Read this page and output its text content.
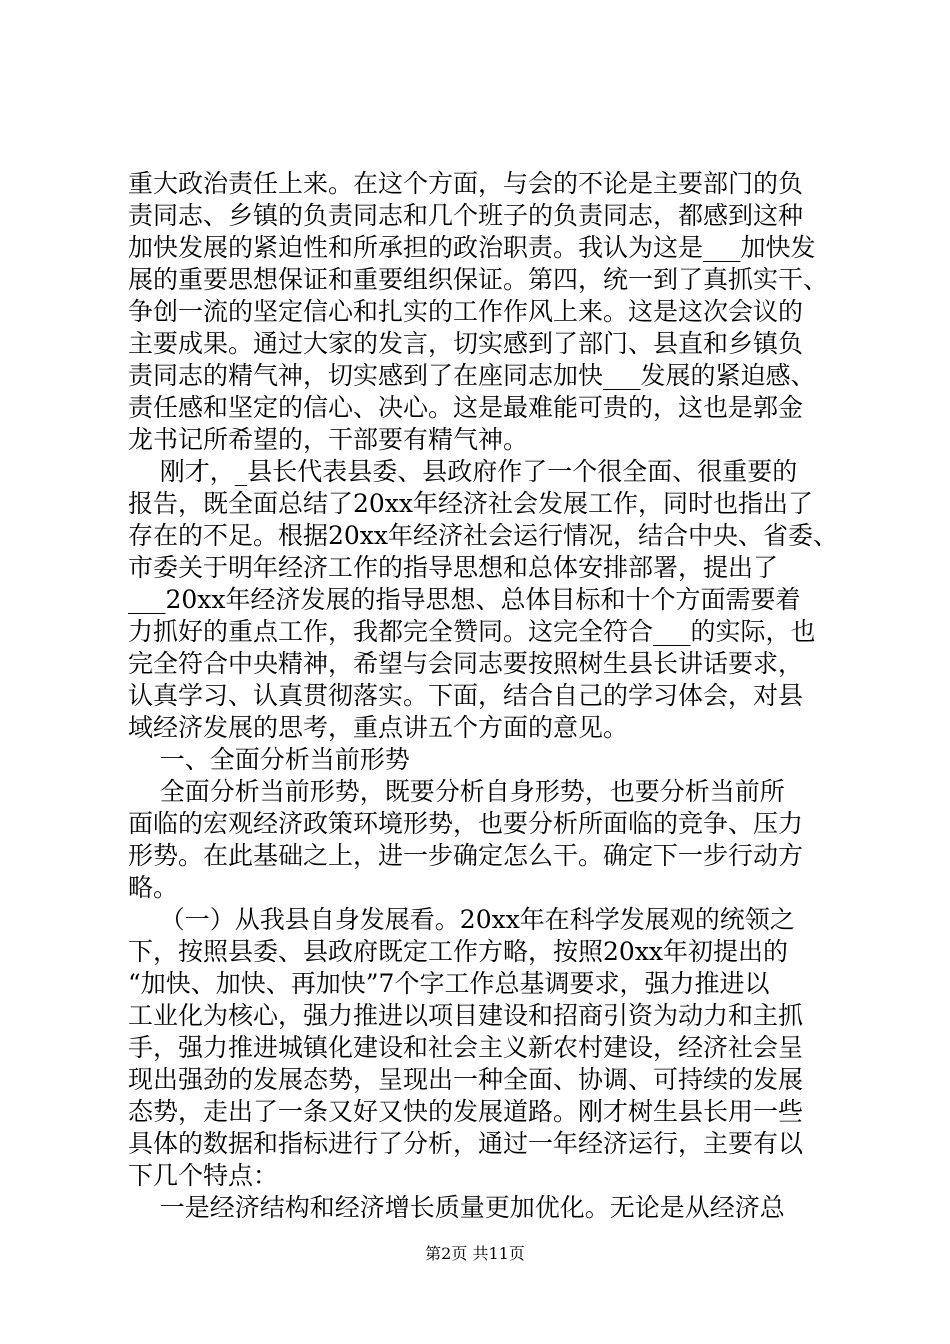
重大政治责任上来。在这个方面，与会的不论是主要部门的负
责同志、乡镇的负责同志和几个班子的负责同志，都感到这种
加快发展的紧迫性和所承担的政治职责。我认为这是___加快发
展的重要思想保证和重要组织保证。第四，统一到了真抓实干、
争创一流的坚定信心和扎实的工作作风上来。这是这次会议的
主要成果。通过大家的发言，切实感到了部门、县直和乡镇负
责同志的精气神，切实感到了在座同志加快___发展的紧迫感、
责任感和坚定的信心、决心。这是最难能可贵的，这也是郭金
龙书记所希望的，干部要有精气神。
刚才，_县长代表县委、县政府作了一个很全面、很重要的
报告，既全面总结了20xx年经济社会发展工作，同时也指出了
存在的不足。根据20xx年经济社会运行情况，结合中央、省委、
市委关于明年经济工作的指导思想和总体安排部署，提出了
___20xx年经济发展的指导思想、总体目标和十个方面需要着
力抓好的重点工作，我都完全赞同。这完全符合___的实际，也
完全符合中央精神，希望与会同志要按照树生县长讲话要求，
认真学习、认真贯彻落实。下面，结合自己的学习体会，对县
域经济发展的思考，重点讲五个方面的意见。
一、全面分析当前形势
全面分析当前形势，既要分析自身形势，也要分析当前所
面临的宏观经济政策环境形势，也要分析所面临的竞争、压力
形势。在此基础之上，进一步确定怎么干。确定下一步行动方
略。
（一）从我县自身发展看。20xx年在科学发展观的统领之
下，按照县委、县政府既定工作方略，按照20xx年初提出的
“加快、加快、再加快”7个字工作总基调要求，强力推进以
工业化为核心，强力推进以项目建设和招商引资为动力和主抓
手，强力推进城镇化建设和社会主义新农村建设，经济社会呈
现出强劲的发展态势，呈现出一种全面、协调、可持续的发展
态势，走出了一条又好又快的发展道路。刚才树生县长用一些
具体的数据和指标进行了分析，通过一年经济运行，主要有以
下几个特点：
一是经济结构和经济增长质量更加优化。无论是从经济总
第2页 共11页
